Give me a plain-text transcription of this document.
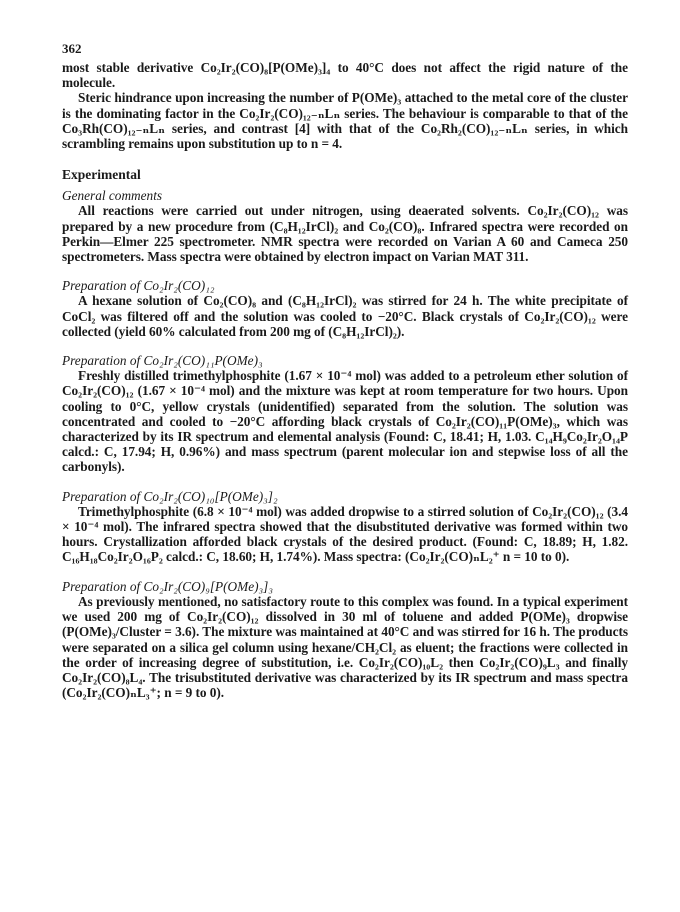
362

most stable derivative Co₂Ir₂(CO)₈[P(OMe)₃]₄ to 40°C does not affect the rigid nature of the molecule.

Steric hindrance upon increasing the number of P(OMe)₃ attached to the metal core of the cluster is the dominating factor in the Co₂Ir₂(CO)₁₂₋ₙLₙ series. The behaviour is comparable to that of the Co₃Rh(CO)₁₂₋ₙLₙ series, and contrast [4] with that of the Co₂Rh₂(CO)₁₂₋ₙLₙ series, in which scrambling remains upon substitution up to n = 4.

Experimental
General comments

All reactions were carried out under nitrogen, using deaerated solvents. Co₂Ir₂(CO)₁₂ was prepared by a new procedure from (C₈H₁₂IrCl)₂ and Co₂(CO)₈. Infrared spectra were recorded on Perkin—Elmer 225 spectrometer. NMR spectra were recorded on Varian A 60 and Cameca 250 spectrometers. Mass spectra were obtained by electron impact on Varian MAT 311.

Preparation of Co₂Ir₂(CO)₁₂

A hexane solution of Co₂(CO)₈ and (C₈H₁₂IrCl)₂ was stirred for 24 h. The white precipitate of CoCl₂ was filtered off and the solution was cooled to −20°C. Black crystals of Co₂Ir₂(CO)₁₂ were collected (yield 60% calculated from 200 mg of (C₈H₁₂IrCl)₂).

Preparation of Co₂Ir₂(CO)₁₁P(OMe)₃

Freshly distilled trimethylphosphite (1.67 × 10⁻⁴ mol) was added to a petroleum ether solution of Co₂Ir₂(CO)₁₂ (1.67 × 10⁻⁴ mol) and the mixture was kept at room temperature for two hours. Upon cooling to 0°C, yellow crystals (unidentified) separated from the solution. The solution was concentrated and cooled to −20°C affording black crystals of Co₂Ir₂(CO)₁₁P(OMe)₃, which was characterized by its IR spectrum and elemental analysis (Found: C, 18.41; H, 1.03. C₁₄H₉Co₂Ir₂O₁₄P calcd.: C, 17.94; H, 0.96%) and mass spectrum (parent molecular ion and stepwise loss of all the carbonyls).

Preparation of Co₂Ir₂(CO)₁₀[P(OMe)₃]₂

Trimethylphosphite (6.8 × 10⁻⁴ mol) was added dropwise to a stirred solution of Co₂Ir₂(CO)₁₂ (3.4 × 10⁻⁴ mol). The infrared spectra showed that the disubstituted derivative was formed within two hours. Crystallization afforded black crystals of the desired product. (Found: C, 18.89; H, 1.82. C₁₆H₁₈Co₂Ir₂O₁₆P₂ calcd.: C, 18.60; H, 1.74%). Mass spectra: (Co₂Ir₂(CO)ₙL₂⁺ n = 10 to 0).

Preparation of Co₂Ir₂(CO)₉[P(OMe)₃]₃

As previously mentioned, no satisfactory route to this complex was found. In a typical experiment we used 200 mg of Co₂Ir₂(CO)₁₂ dissolved in 30 ml of toluene and added P(OMe)₃ dropwise (P(OMe)₃/Cluster = 3.6). The mixture was maintained at 40°C and was stirred for 16 h. The products were separated on a silica gel column using hexane/CH₂Cl₂ as eluent; the fractions were collected in the order of increasing degree of substitution, i.e. Co₂Ir₂(CO)₁₀L₂ then Co₂Ir₂(CO)₉L₃ and finally Co₂Ir₂(CO)₈L₄. The trisubstituted derivative was characterized by its IR spectrum and mass spectra (Co₂Ir₂(CO)ₙL₃⁺; n = 9 to 0).
